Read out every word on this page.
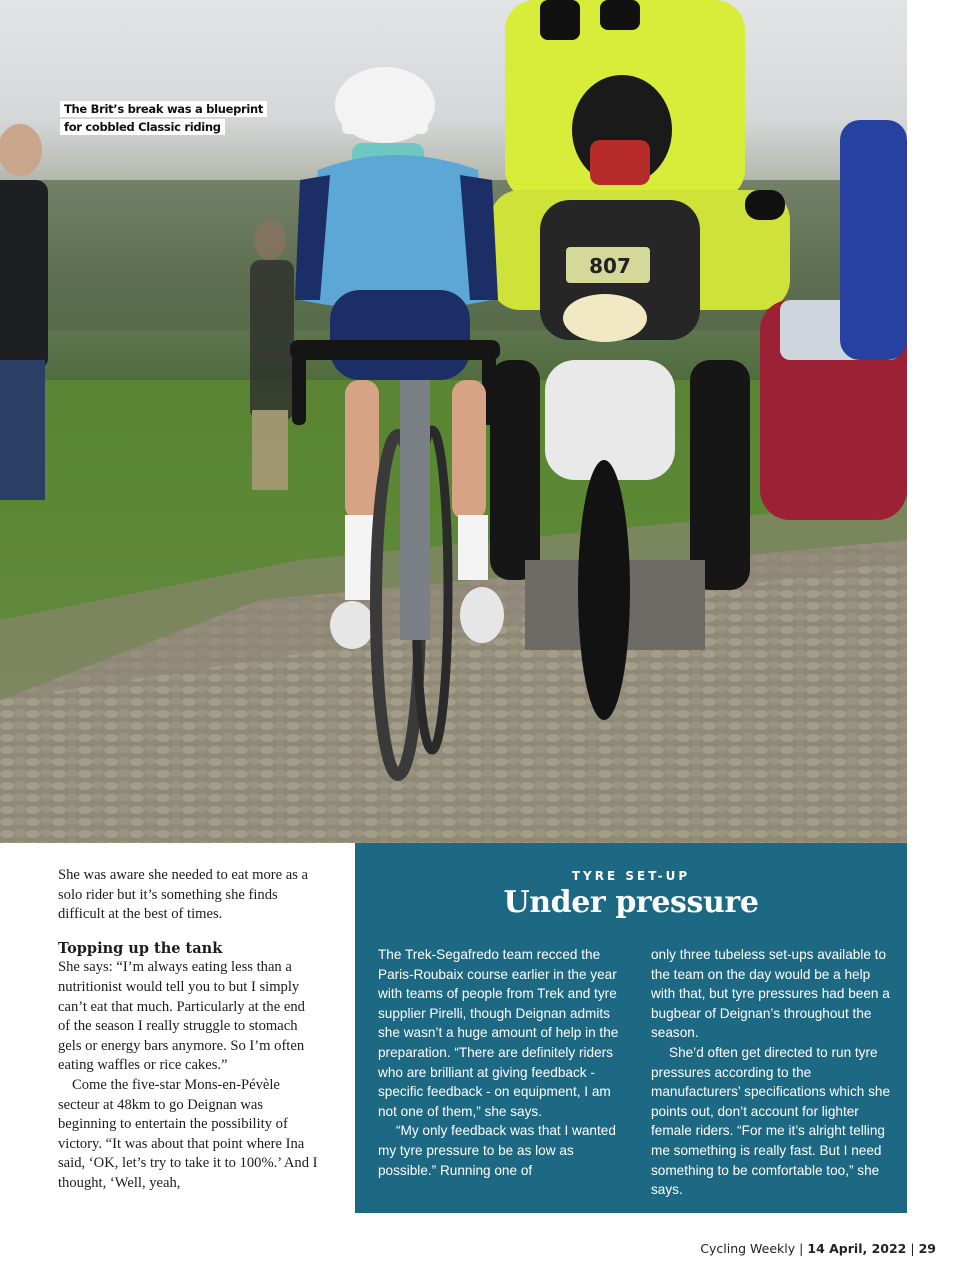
807
The Brit’s break was a blueprint
for cobbled Classic riding

She was aware she needed to eat more as a solo rider but it’s something she finds difficult at the best of times.

Topping up the tank

She says: “I’m always eating less than a nutritionist would tell you to but I simply can’t eat that much. Particularly at the end of the season I really struggle to stomach gels or energy bars anymore. So I’m often eating waffles or rice cakes.”

Come the five-star Mons-en-Pévèle secteur at 48km to go Deignan was beginning to entertain the possibility of victory. “It was about that point where Ina said, ‘OK, let’s try to take it to 100%.’ And I thought, ‘Well, yeah,

TYRE SET-UP
Under pressure

The Trek-Segafredo team recced the Paris-Roubaix course earlier in the year with teams of people from Trek and tyre supplier Pirelli, though Deignan admits she wasn’t a huge amount of help in the preparation. “There are definitely riders who are brilliant at giving feedback - specific feedback - on equipment, I am not one of them,” she says.

“My only feedback was that I wanted my tyre pressure to be as low as possible.” Running one of

only three tubeless set-ups available to the team on the day would be a help with that, but tyre pressures had been a bugbear of Deignan’s throughout the season.

She’d often get directed to run tyre pressures according to the manufacturers’ specifications which she points out, don’t account for lighter female riders. “For me it’s alright telling me something is really fast. But I need something to be comfortable too,” she says.

Cycling Weekly | 14 April, 2022 | 29
